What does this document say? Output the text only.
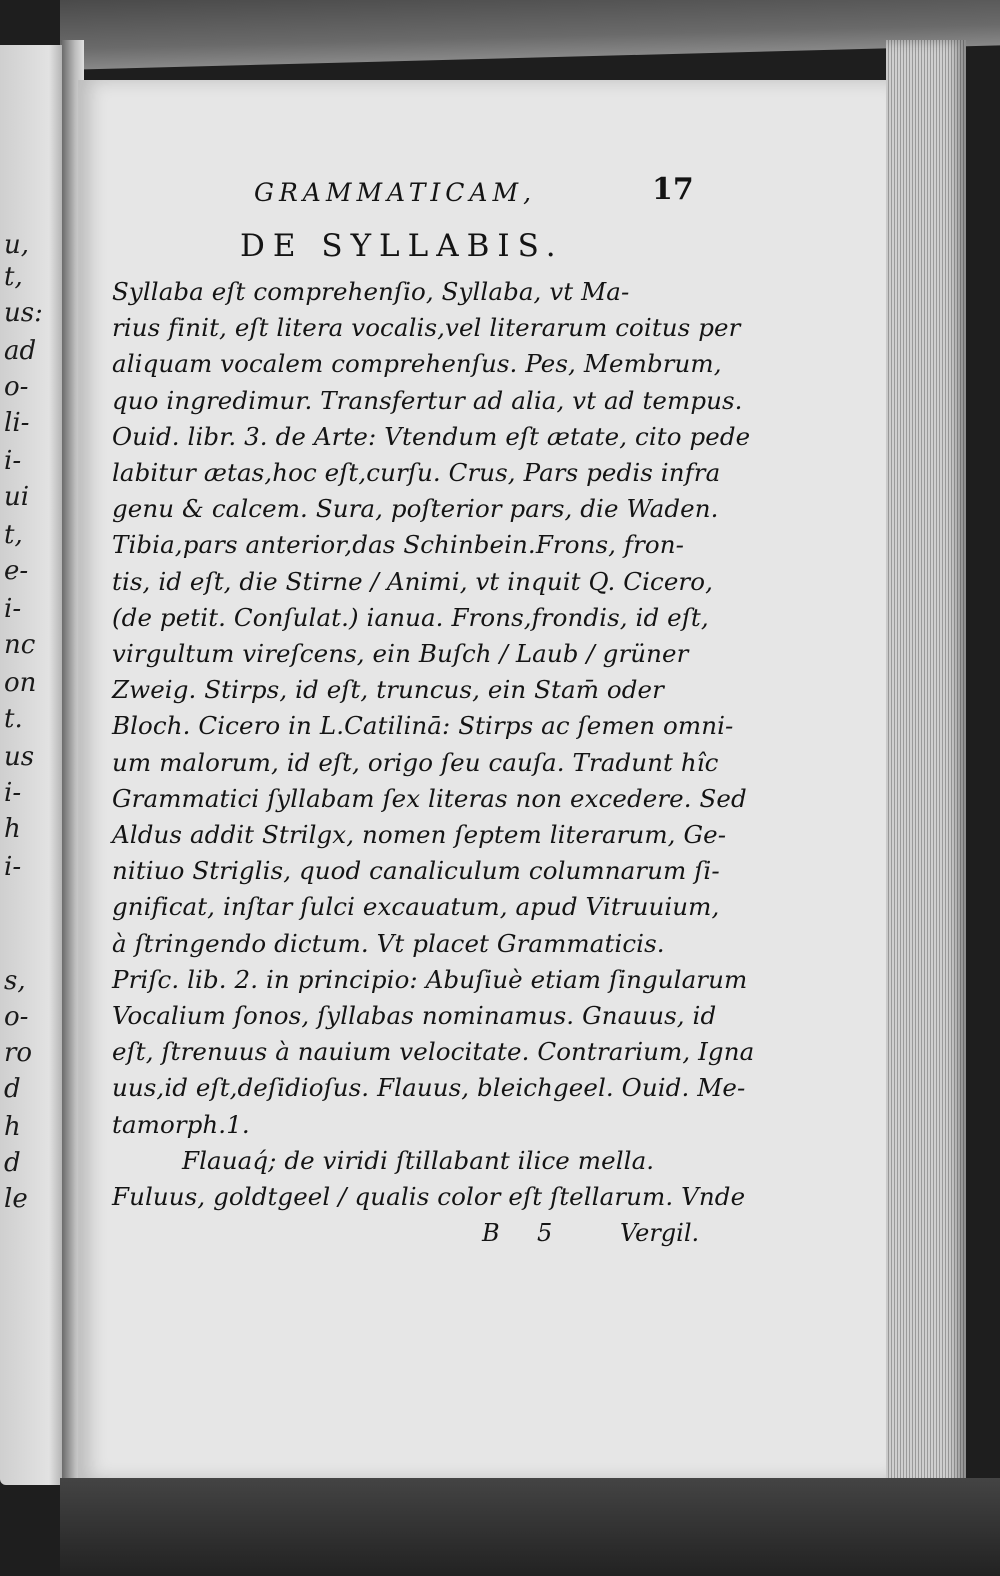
u,
t,
us:
ad
o-
li-
i-
ui
t,
e-
i-
nc
on
t.
us
i-
h
i-
s,
o-
ro
d
h
d
le
GRAMMATICAM,	17
DE SYLLABIS.
Syllaba eſt comprehenſio, Syllaba, vt Ma-
rius finit, eſt litera vocalis,vel literarum coitus per
aliquam vocalem comprehenſus. Pes, Membrum,
quo ingredimur. Transfertur ad alia, vt ad tempus.
Ouid. libr. 3. de Arte: Vtendum eſt ætate, cito pede
labitur ætas,hoc eſt,curſu. Crus, Pars pedis infra
genu & calcem. Sura, poſterior pars, die Waden.
Tibia,pars anterior,das Schinbein.Frons, fron-
tis, id eſt, die Stirne / Animi, vt inquit Q. Cicero,
(de petit. Conſulat.) ianua. Frons,frondis, id eſt,
virgultum vireſcens, ein Buſch / Laub / grüner
Zweig. Stirps, id eſt, truncus, ein Stam̄ oder
Bloch. Cicero in L.Catilinā: Stirps ac ſemen omni-
um malorum, id eſt, origo ſeu cauſa. Tradunt hîc
Grammatici ſyllabam ſex literas non excedere. Sed
Aldus addit Strilgx, nomen ſeptem literarum, Ge-
nitiuo Striglis, quod canaliculum columnarum ſi-
gnificat, inſtar ſulci excauatum, apud Vitruuium,
à ſtringendo dictum. Vt placet Grammaticis.
Priſc. lib. 2. in principio: Abuſiuè etiam ſingularum
Vocalium ſonos, ſyllabas nominamus. Gnauus, id
eſt, ſtrenuus à nauium velocitate. Contrarium, Igna
uus,id eſt,deſidioſus. Flauus, bleichgeel. Ouid. Me-
tamorph.1.
Flauaq́; de viridi ſtillabant ilice mella.
Fuluus, goldtgeel / qualis color eſt ſtellarum. Vnde
B 5	Vergil.
